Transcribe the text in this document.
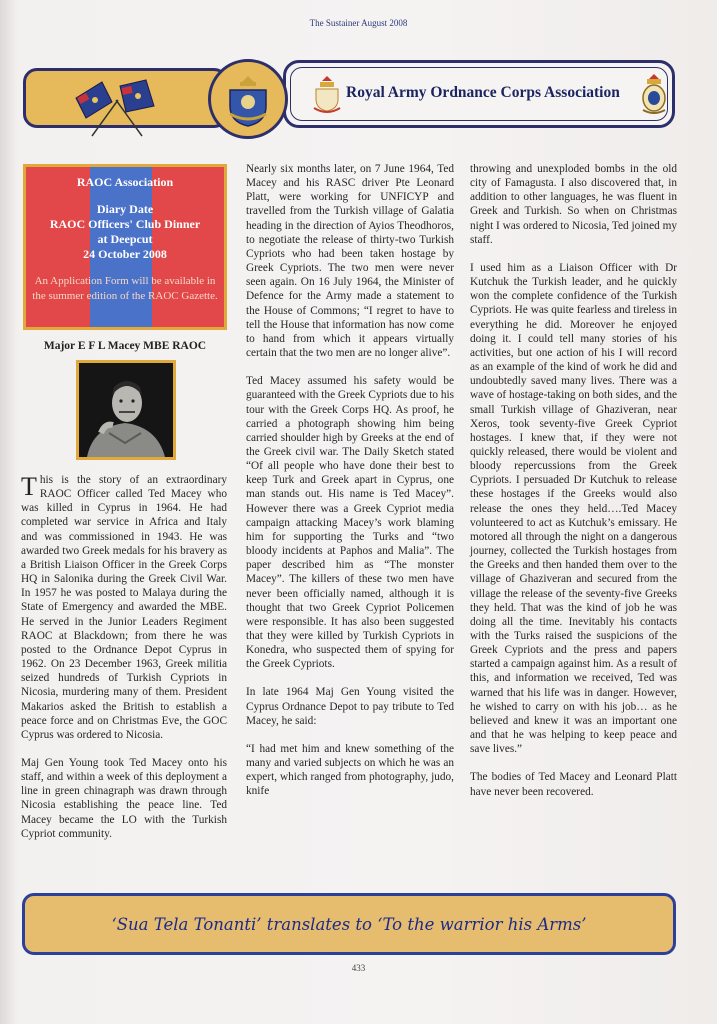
The Sustainer August 2008
Royal Army Ordnance Corps Association
RAOC Association
Diary Date
RAOC Officers' Club Dinner
at Deepcut
24 October 2008
An Application Form will be available in the summer edition of the RAOC Gazette.
Major E F L Macey MBE RAOC

This is the story of an extraordinary RAOC Officer called Ted Macey who was killed in Cyprus in 1964. He had completed war service in Africa and Italy and was commissioned in 1943. He was awarded two Greek medals for his bravery as a British Liaison Officer in the Greek Corps HQ in Salonika during the Greek Civil War. In 1957 he was posted to Malaya during the State of Emergency and awarded the MBE. He served in the Junior Leaders Regiment RAOC at Blackdown; from there he was posted to the Ordnance Depot Cyprus in 1962. On 23 December 1963, Greek militia seized hundreds of Turkish Cypriots in Nicosia, murdering many of them. President Makarios asked the British to establish a peace force and on Christmas Eve, the GOC Cyprus was ordered to Nicosia.

Maj Gen Young took Ted Macey onto his staff, and within a week of this deployment a line in green chinagraph was drawn through Nicosia establishing the peace line. Ted Macey became the LO with the Turkish Cypriot community.

Nearly six months later, on 7 June 1964, Ted Macey and his RASC driver Pte Leonard Platt, were working for UNFICYP and travelled from the Turkish village of Galatia heading in the direction of Ayios Theodhoros, to negotiate the release of thirty-two Turkish Cypriots who had been taken hostage by Greek Cypriots. The two men were never seen again. On 16 July 1964, the Minister of Defence for the Army made a statement to the House of Commons; “I regret to have to tell the House that information has now come to hand from which it appears virtually certain that the two men are no longer alive”.

Ted Macey assumed his safety would be guaranteed with the Greek Cypriots due to his tour with the Greek Corps HQ. As proof, he carried a photograph showing him being carried shoulder high by Greeks at the end of the Greek civil war. The Daily Sketch stated “Of all people who have done their best to keep Turk and Greek apart in Cyprus, one man stands out. His name is Ted Macey”. However there was a Greek Cypriot media campaign attacking Macey’s work blaming him for supporting the Turks and “two bloody incidents at Paphos and Malia”. The paper described him as “The monster Macey”. The killers of these two men have never been officially named, although it is thought that two Greek Cypriot Policemen were responsible. It has also been suggested that they were killed by Turkish Cypriots in Konedra, who suspected them of spying for the Greek Cypriots.

In late 1964 Maj Gen Young visited the Cyprus Ordnance Depot to pay tribute to Ted Macey, he said:

“I had met him and knew something of the many and varied subjects on which he was an expert, which ranged from photography, judo, knife

throwing and unexploded bombs in the old city of Famagusta. I also discovered that, in addition to other languages, he was fluent in Greek and Turkish. So when on Christmas night I was ordered to Nicosia, Ted joined my staff.

I used him as a Liaison Officer with Dr Kutchuk the Turkish leader, and he quickly won the complete confidence of the Turkish Cypriots. He was quite fearless and tireless in everything he did. Moreover he enjoyed doing it. I could tell many stories of his activities, but one action of his I will record as an example of the kind of work he did and undoubtedly saved many lives. There was a wave of hostage-taking on both sides, and the small Turkish village of Ghaziveran, near Xeros, took seventy-five Greek Cypriot hostages. I knew that, if they were not quickly released, there would be violent and bloody repercussions from the Greek Cypriots. I persuaded Dr Kutchuk to release these hostages if the Greeks would also release the ones they held….Ted Macey volunteered to act as Kutchuk’s emissary. He motored all through the night on a dangerous journey, collected the Turkish hostages from the Greeks and then handed them over to the village of Ghaziveran and secured from the village the release of the seventy-five Greeks they held. That was the kind of job he was doing all the time. Inevitably his contacts with the Turks raised the suspicions of the Greek Cypriots and the press and papers started a campaign against him. As a result of this, and information we received, Ted was warned that his life was in danger. However, he wished to carry on with his job… as he believed and knew it was an important one and that he was helping to keep peace and save lives.”

The bodies of Ted Macey and Leonard Platt have never been recovered.

‘Sua Tela Tonanti’ translates to ‘To the warrior his Arms’
433
